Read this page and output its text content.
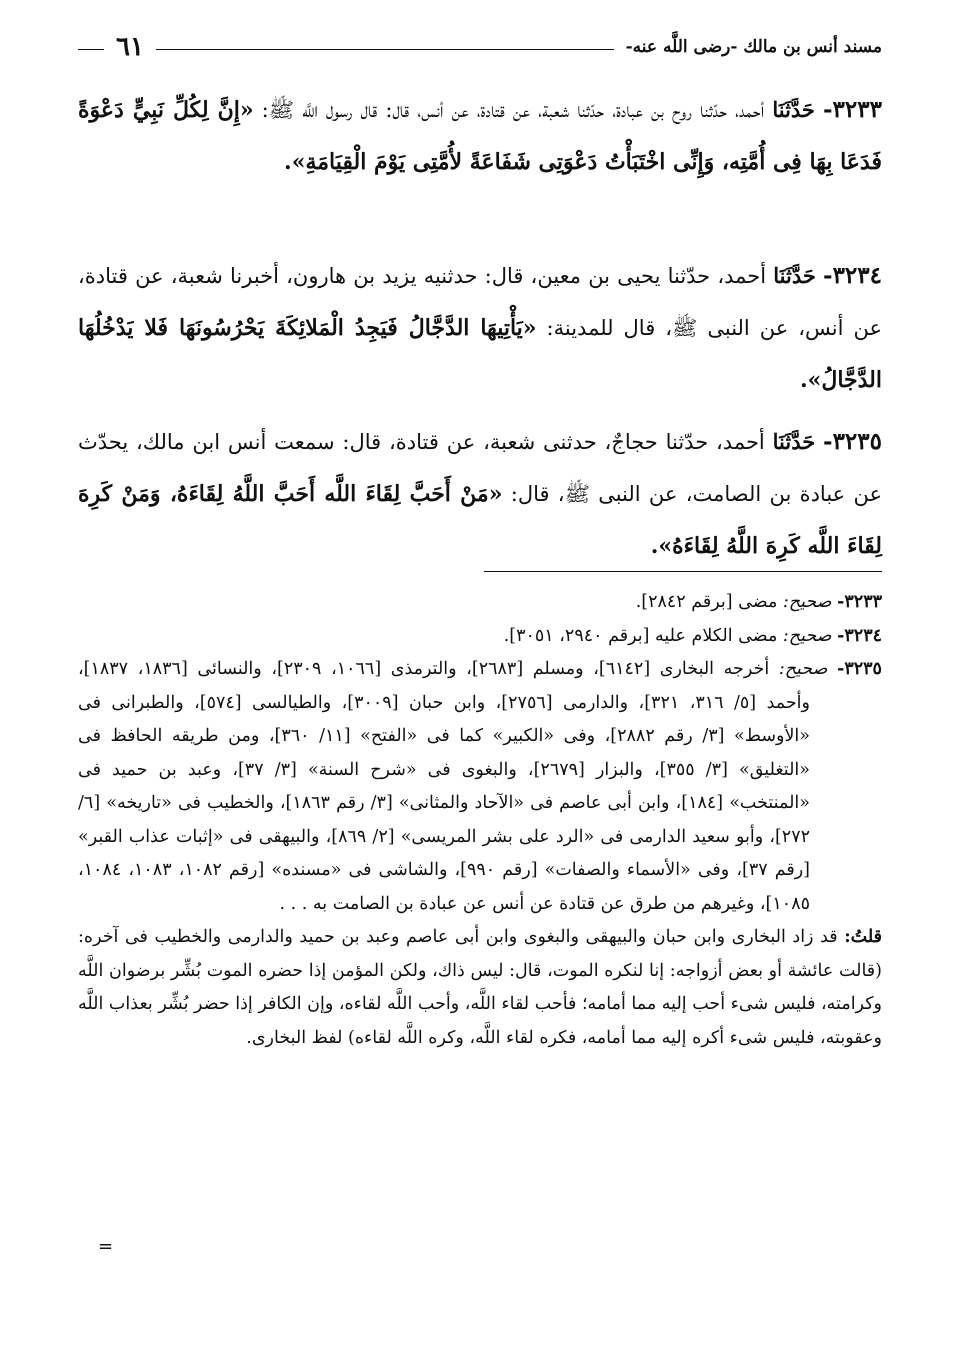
مسند أنس بن مالك -رضى اللَّه عنه-
٦١
٣٢٣٣- حَدَّثَنَا أحمد، حدّثنا روح بن عبادة، حدّثنا شعبة، عن قتادة، عن أنس، قال: قال رسول اللَّه ﷺ: «إِنَّ لِكُلِّ نَبِيٍّ دَعْوَةً فَدَعَا بِهَا فِى أُمَّتِه، وَإِنِّى اخْتَبَأْتُ دَعْوَتِى شَفَاعَةً لأُمَّتِى يَوْمَ الْقِيَامَةِ».
٣٢٣٤- حَدَّثَنَا أحمد، حدّثنا يحيى بن معين، قال: حدثنيه يزيد بن هارون، أخبرنا شعبة، عن قتادة، عن أنس، عن النبى ﷺ، قال للمدينة: «يَأْتِيهَا الدَّجَّالُ فَيَجِدُ الْمَلائِكَةَ يَحْرُسُونَهَا فَلا يَدْخُلُهَا الدَّجَّالُ».
٣٢٣٥- حَدَّثَنَا أحمد، حدّثنا حجاجٌ، حدثنى شعبة، عن قتادة، قال: سمعت أنس ابن مالك، يحدّث عن عبادة بن الصامت، عن النبى ﷺ، قال: «مَنْ أَحَبَّ لِقَاءَ اللَّه أَحَبَّ اللَّهُ لِقَاءَهُ، وَمَنْ كَرِهَ لِقَاءَ اللَّه كَرِهَ اللَّهُ لِقَاءَهُ».

٣٢٣٣- صحيح: مضى [برقم ٢٨٤٢].

٣٢٣٤- صحيح: مضى الكلام عليه [برقم ٢٩٤٠، ٣٠٥١].

٣٢٣٥- صحيح: أخرجه البخارى [٦١٤٢]، ومسلم [٢٦٨٣]، والترمذى [١٠٦٦، ٢٣٠٩]، والنسائى [١٨٣٦، ١٨٣٧]، وأحمد [٥/ ٣١٦، ٣٢١]، والدارمى [٢٧٥٦]، وابن حبان [٣٠٠٩]، والطيالسى [٥٧٤]، والطبرانى فى «الأوسط» [٣/ رقم ٢٨٨٢]، وفى «الكبير» كما فى «الفتح» [١١/ ٣٦٠]، ومن طريقه الحافظ فى «التغليق» [٣/ ٣٥٥]، والبزار [٢٦٧٩]، والبغوى فى «شرح السنة» [٣/ ٣٧]، وعبد بن حميد فى «المنتخب» [١٨٤]، وابن أبى عاصم فى «الآحاد والمثانى» [٣/ رقم ١٨٦٣]، والخطيب فى «تاريخه» [٦/ ٢٧٢]، وأبو سعيد الدارمى فى «الرد على بشر المريسى» [٢/ ٨٦٩]، والبيهقى فى «إثبات عذاب القبر» [رقم ٣٧]، وفى «الأسماء والصفات» [رقم ٩٩٠]، والشاشى فى «مسنده» [رقم ١٠٨٢، ١٠٨٣، ١٠٨٤، ١٠٨٥]، وغيرهم من طرق عن قتادة عن أنس عن عبادة بن الصامت به . . .

قلتُ: قد زاد البخارى وابن حبان والبيهقى والبغوى وابن أبى عاصم وعبد بن حميد والدارمى والخطيب فى آخره: (قالت عائشة أو بعض أزواجه: إنا لنكره الموت، قال: ليس ذاك، ولكن المؤمن إذا حضره الموت بُشِّر برضوان اللَّه وكرامته، فليس شىء أحب إليه مما أمامه؛ فأحب لقاء اللَّه، وأحب اللَّه لقاءه، وإن الكافر إذا حضر بُشِّر بعذاب اللَّه وعقوبته، فليس شىء أكره إليه مما أمامه، فكره لقاء اللَّه، وكره اللَّه لقاءه) لفظ البخارى.

=
